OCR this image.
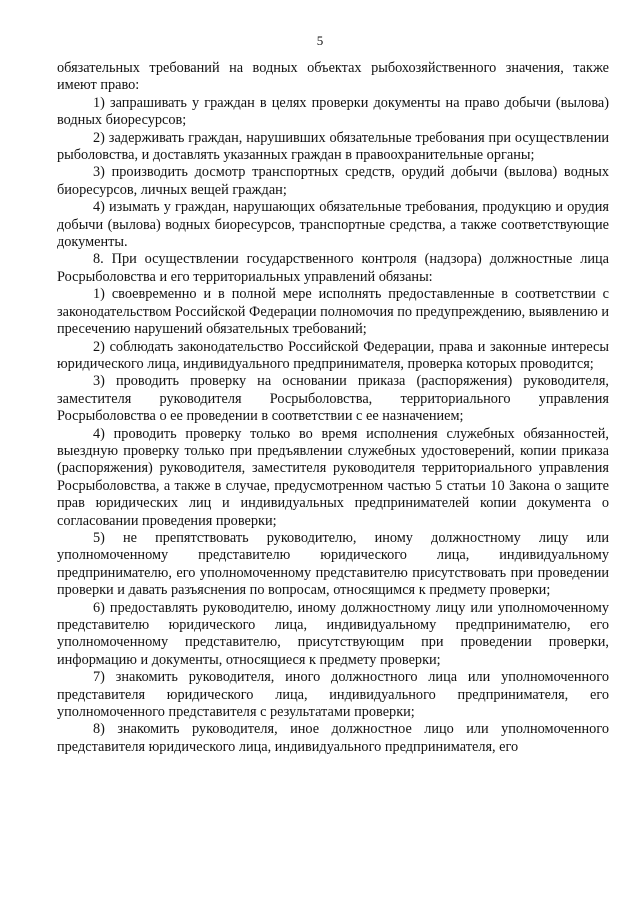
5

обязательных требований на водных объектах рыбохозяйственного значения, также имеют право:

1) запрашивать у граждан в целях проверки документы на право добычи (вылова) водных биоресурсов;

2) задерживать граждан, нарушивших обязательные требования при осуществлении рыболовства, и доставлять указанных граждан в правоохранительные органы;

3) производить досмотр транспортных средств, орудий добычи (вылова) водных биоресурсов, личных вещей граждан;

4) изымать у граждан, нарушающих обязательные требования, продукцию и орудия добычи (вылова) водных биоресурсов, транспортные средства, а также соответствующие документы.

8. При осуществлении государственного контроля (надзора) должностные лица Росрыболовства и его территориальных управлений обязаны:

1) своевременно и в полной мере исполнять предоставленные в соответствии с законодательством Российской Федерации полномочия по предупреждению, выявлению и пресечению нарушений обязательных требований;

2) соблюдать законодательство Российской Федерации, права и законные интересы юридического лица, индивидуального предпринимателя, проверка которых проводится;

3) проводить проверку на основании приказа (распоряжения) руководителя, заместителя руководителя Росрыболовства, территориального управления Росрыболовства о ее проведении в соответствии с ее назначением;

4) проводить проверку только во время исполнения служебных обязанностей, выездную проверку только при предъявлении служебных удостоверений, копии приказа (распоряжения) руководителя, заместителя руководителя территориального управления Росрыболовства, а также в случае, предусмотренном частью 5 статьи 10 Закона о защите прав юридических лиц и индивидуальных предпринимателей копии документа о согласовании проведения проверки;

5) не препятствовать руководителю, иному должностному лицу или уполномоченному представителю юридического лица, индивидуальному предпринимателю, его уполномоченному представителю присутствовать при проведении проверки и давать разъяснения по вопросам, относящимся к предмету проверки;

6) предоставлять руководителю, иному должностному лицу или уполномоченному представителю юридического лица, индивидуальному предпринимателю, его уполномоченному представителю, присутствующим при проведении проверки, информацию и документы, относящиеся к предмету проверки;

7) знакомить руководителя, иного должностного лица или уполномоченного представителя юридического лица, индивидуального предпринимателя, его уполномоченного представителя с результатами проверки;

8) знакомить руководителя, иное должностное лицо или уполномоченного представителя юридического лица, индивидуального предпринимателя, его
